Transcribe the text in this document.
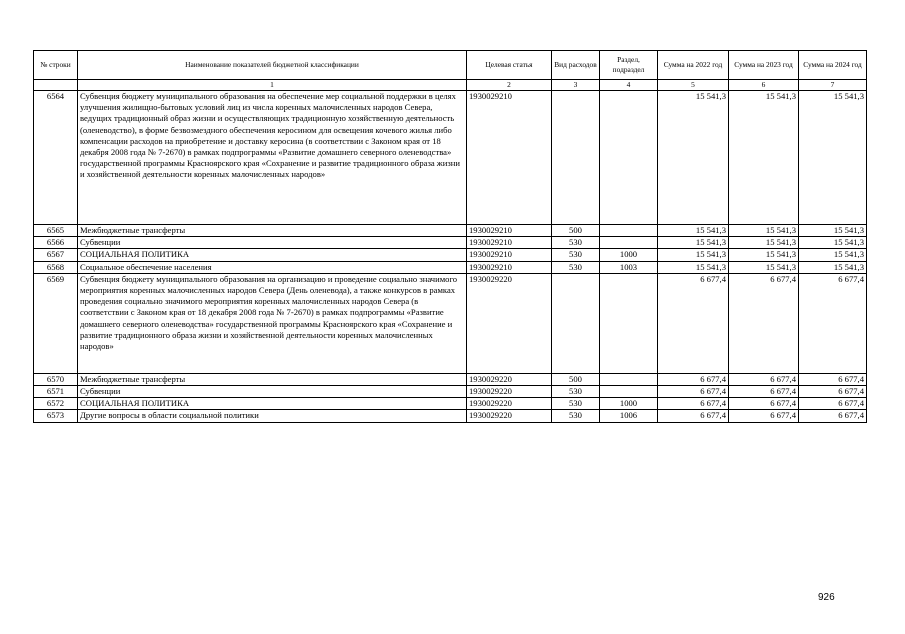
№ строки	Наименование показателей бюджетной классификации	Целевая статья	Вид расходов	Раздел, подраздел	Сумма на 2022 год	Сумма на 2023 год	Сумма на 2024 год
	1	2	3	4	5	6	7
6564	Субвенция бюджету муниципального образования на обеспечение мер социальной поддержки в целях улучшения жилищно-бытовых условий лиц из числа коренных малочисленных народов Севера, ведущих традиционный образ жизни и осуществляющих традиционную хозяйственную деятельность (оленеводство), в форме безвозмездного обеспечения керосином для освещения кочевого жилья либо компенсации расходов на приобретение и доставку керосина (в соответствии с Законом края от 18 декабря 2008 года № 7-2670) в рамках подпрограммы «Развитие домашнего северного оленеводства» государственной программы Красноярского края «Сохранение и развитие традиционного образа жизни и хозяйственной деятельности коренных малочисленных народов»	1930029210			15 541,3	15 541,3	15 541,3
6565	Межбюджетные трансферты	1930029210	500		15 541,3	15 541,3	15 541,3
6566	Субвенции	1930029210	530		15 541,3	15 541,3	15 541,3
6567	СОЦИАЛЬНАЯ ПОЛИТИКА	1930029210	530	1000	15 541,3	15 541,3	15 541,3
6568	Социальное обеспечение населения	1930029210	530	1003	15 541,3	15 541,3	15 541,3
6569	Субвенция бюджету муниципального образования на организацию и проведение социально значимого мероприятия коренных малочисленных народов Севера (День оленевода), а также конкурсов в рамках проведения социально значимого мероприятия коренных малочисленных народов Севера (в соответствии с Законом края от 18 декабря 2008 года № 7-2670) в рамках подпрограммы «Развитие домашнего северного оленеводства» государственной программы Красноярского края «Сохранение и развитие традиционного образа жизни и хозяйственной деятельности коренных малочисленных народов»	1930029220			6 677,4	6 677,4	6 677,4
6570	Межбюджетные трансферты	1930029220	500		6 677,4	6 677,4	6 677,4
6571	Субвенции	1930029220	530		6 677,4	6 677,4	6 677,4
6572	СОЦИАЛЬНАЯ ПОЛИТИКА	1930029220	530	1000	6 677,4	6 677,4	6 677,4
6573	Другие вопросы в области социальной политики	1930029220	530	1006	6 677,4	6 677,4	6 677,4
926
